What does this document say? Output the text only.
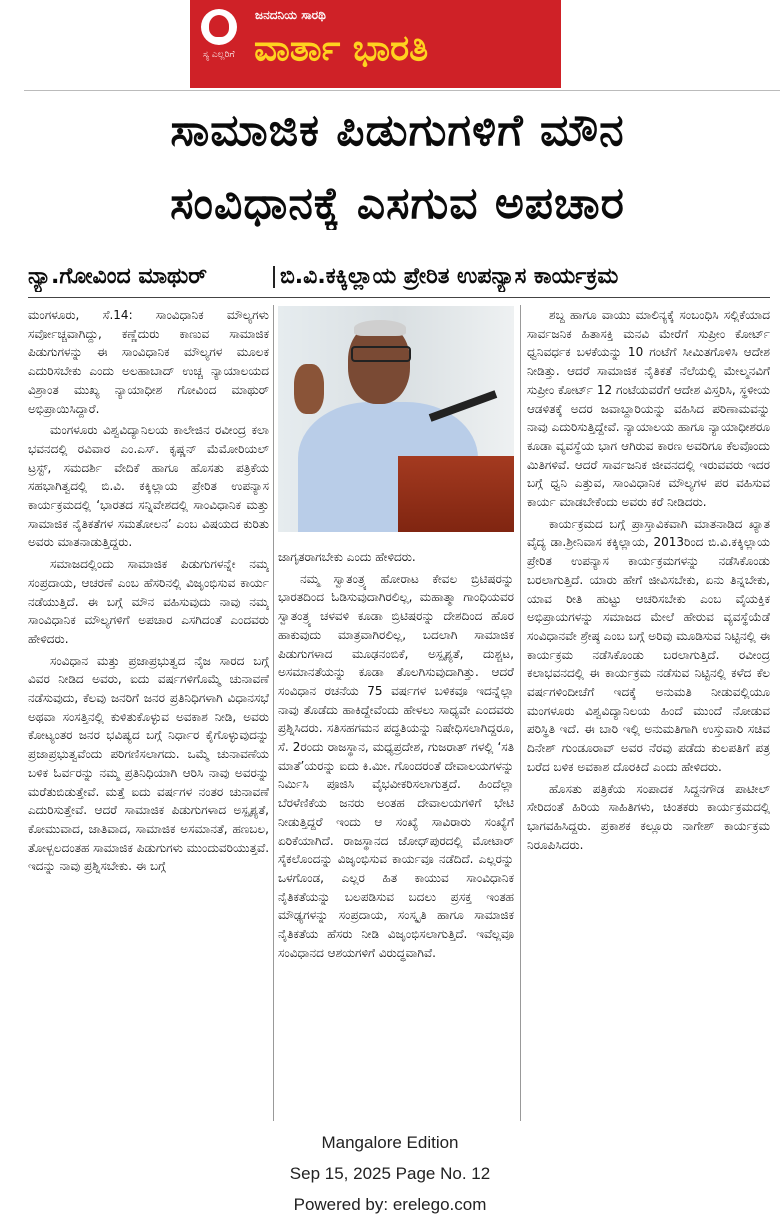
ಜನದನಿಯ ಸಾರಥಿ
ವಾರ್ತಾ ಭಾರತಿ
ಸ್ಯ ಎಲ್ಲರಿಗೆ
ಸಾಮಾಜಿಕ ಪಿಡುಗುಗಳಿಗೆ ಮೌನ
ಸಂವಿಧಾನಕ್ಕೆ ಎಸಗುವ ಅಪಚಾರ
ನ್ಯಾ.ಗೋವಿಂದ ಮಾಥುರ್	ಬಿ.ವಿ.ಕಕ್ಕಿಲ್ಲಾಯ ಪ್ರೇರಿತ ಉಪನ್ಯಾಸ ಕಾರ್ಯಕ್ರಮ

ಮಂಗಳೂರು, ಸೆ.14: ಸಾಂವಿಧಾನಿಕ ಮೌಲ್ಯಗಳು ಸರ್ವೋಚ್ಚವಾಗಿದ್ದು, ಕಣ್ಣೆದುರು ಕಾಣುವ ಸಾಮಾಜಿಕ ಪಿಡುಗುಗಳನ್ನು ಈ ಸಾಂವಿಧಾನಿಕ ಮೌಲ್ಯಗಳ ಮೂಲಕ ಎದುರಿಸಬೇಕು ಎಂದು ಅಲಹಾಬಾದ್ ಉಚ್ಚ ನ್ಯಾಯಾಲಯದ ವಿಶ್ರಾಂತ ಮುಖ್ಯ ನ್ಯಾಯಾಧೀಶ ಗೋವಿಂದ ಮಾಥುರ್ ಅಭಿಪ್ರಾಯಿಸಿದ್ದಾರೆ.

ಮಂಗಳೂರು ವಿಶ್ವವಿದ್ಯಾನಿಲಯ ಕಾಲೇಜಿನ ರವೀಂದ್ರ ಕಲಾ ಭವನದಲ್ಲಿ ರವಿವಾರ ಎಂ.ಎಸ್. ಕೃಷ್ಣನ್ ಮೆಮೋರಿಯಲ್ ಟ್ರಸ್ಟ್, ಸಮದರ್ಶಿ ವೇದಿಕೆ ಹಾಗೂ ಹೊಸತು ಪತ್ರಿಕೆಯ ಸಹಭಾಗಿತ್ವದಲ್ಲಿ ಬಿ.ವಿ. ಕಕ್ಕಿಲ್ಲಾಯ ಪ್ರೇರಿತ ಉಪನ್ಯಾಸ ಕಾರ್ಯಕ್ರಮದಲ್ಲಿ ‘ಭಾರತದ ಸನ್ನಿವೇಶದಲ್ಲಿ ಸಾಂವಿಧಾನಿಕ ಮತ್ತು ಸಾಮಾಜಿಕ ನೈತಿಕತೆಗಳ ಸಮತೋಲನ’ ಎಂಬ ವಿಷಯದ ಕುರಿತು ಅವರು ಮಾತನಾಡುತ್ತಿದ್ದರು.

ಸಮಾಜದಲ್ಲಿಂದು ಸಾಮಾಜಿಕ ಪಿಡುಗುಗಳನ್ನೇ ನಮ್ಮ ಸಂಪ್ರದಾಯ, ಆಚರಣೆ ಎಂಬ ಹೆಸರಿನಲ್ಲಿ ವಿಜೃಂಭಿಸುವ ಕಾರ್ಯ ನಡೆಯುತ್ತಿದೆ. ಈ ಬಗ್ಗೆ ಮೌನ ವಹಿಸುವುದು ನಾವು ನಮ್ಮ ಸಾಂವಿಧಾನಿಕ ಮೌಲ್ಯಗಳಿಗೆ ಅಪಚಾರ ಎಸಗಿದಂತೆ ಎಂದವರು ಹೇಳಿದರು.

ಸಂವಿಧಾನ ಮತ್ತು ಪ್ರಜಾಪ್ರಭುತ್ವದ ನೈಜ ಸಾರದ ಬಗ್ಗೆ ವಿವರ ನೀಡಿದ ಅವರು, ಐದು ವರ್ಷಗಳಿಗೊಮ್ಮೆ ಚುನಾವಣೆ ನಡೆಸುವುದು, ಕೆಲವು ಜನರಿಗೆ ಜನರ ಪ್ರತಿನಿಧಿಗಳಾಗಿ ವಿಧಾನಸಭೆ ಅಥವಾ ಸಂಸತ್ತಿನಲ್ಲಿ ಕುಳಿತುಕೊಳ್ಳುವ ಅವಕಾಶ ನೀಡಿ, ಅವರು ಕೋಟ್ಯಂತರ ಜನರ ಭವಿಷ್ಯದ ಬಗ್ಗೆ ನಿರ್ಧಾರ ಕೈಗೊಳ್ಳುವುದನ್ನು ಪ್ರಜಾಪ್ರಭುತ್ವವೆಂದು ಪರಿಗಣಿಸಲಾಗದು. ಒಮ್ಮೆ ಚುನಾವಣೆಯ ಬಳಿಕ ಓರ್ವರನ್ನು ನಮ್ಮ ಪ್ರತಿನಿಧಿಯಾಗಿ ಆರಿಸಿ ನಾವು ಅವರನ್ನು ಮರೆತುಬಿಡುತ್ತೇವೆ. ಮತ್ತೆ ಐದು ವರ್ಷಗಳ ನಂತರ ಚುನಾವಣೆ ಎದುರಿಸುತ್ತೇವೆ. ಆದರೆ ಸಾಮಾಜಿಕ ಪಿಡುಗುಗಳಾದ ಅಸ್ಪೃಶ್ಯತೆ, ಕೋಮುವಾದ, ಜಾತಿವಾದ, ಸಾಮಾಜಿಕ ಅಸಮಾನತೆ, ಹಣಬಲ, ತೋಳ್ಬಲದಂತಹ ಸಾಮಾಜಿಕ ಪಿಡುಗುಗಳು ಮುಂದುವರಿಯುತ್ತವೆ. ಇದನ್ನು ನಾವು ಪ್ರಶ್ನಿಸಬೇಕು. ಈ ಬಗ್ಗೆ

ಜಾಗೃತರಾಗಬೇಕು ಎಂದು ಹೇಳಿದರು.

ನಮ್ಮ ಸ್ವಾತಂತ್ರ್ಯ ಹೋರಾಟ ಕೇವಲ ಬ್ರಿಟಿಷರನ್ನು ಭಾರತದಿಂದ ಓಡಿಸುವುದಾಗಿರಲಿಲ್ಲ, ಮಹಾತ್ಮಾ ಗಾಂಧಿಯವರ ಸ್ವಾತಂತ್ರ್ಯ ಚಳವಳಿ ಕೂಡಾ ಬ್ರಿಟಿಷರನ್ನು ದೇಶದಿಂದ ಹೊರ ಹಾಕುವುದು ಮಾತ್ರವಾಗಿರಲಿಲ್ಲ, ಬದಲಾಗಿ ಸಾಮಾಜಿಕ ಪಿಡುಗುಗಳಾದ ಮೂಢನಂಬಿಕೆ, ಅಸ್ಪೃಶ್ಯತೆ, ದುಶ್ಚಟ, ಅಸಮಾನತೆಯನ್ನು ಕೂಡಾ ತೊಲಗಿಸುವುದಾಗಿತ್ತು. ಆದರೆ ಸಂವಿಧಾನ ರಚನೆಯ 75 ವರ್ಷಗಳ ಬಳಿಕವೂ ಇದನ್ನೆಲ್ಲಾ ನಾವು ತೊಡೆದು ಹಾಕಿದ್ದೇವೆಂದು ಹೇಳಲು ಸಾಧ್ಯವೇ ಎಂದವರು ಪ್ರಶ್ನಿಸಿದರು. ಸತಿಸಹಗಮನ ಪದ್ಧತಿಯನ್ನು ನಿಷೇಧಿಸಲಾಗಿದ್ದರೂ, ಸೆ. 2ರಂದು ರಾಜಸ್ಥಾನ, ಮಧ್ಯಪ್ರದೇಶ, ಗುಜರಾತ್ ಗಳಲ್ಲಿ ‘ಸತಿ ಮಾತೆ’ಯರನ್ನು ಐದು ಕಿ.ಮೀ. ಗೊಂದರಂತೆ ದೇವಾಲಯಗಳನ್ನು ನಿರ್ಮಿಸಿ ಪೂಜಿಸಿ ವೈಭವೀಕರಿಸಲಾಗುತ್ತದೆ. ಹಿಂದೆಲ್ಲಾ ಬೆರಳೆಣಿಕೆಯ ಜನರು ಅಂತಹ ದೇವಾಲಯಗಳಿಗೆ ಭೇಟಿ ನೀಡುತ್ತಿದ್ದರೆ ಇಂದು ಆ ಸಂಖ್ಯೆ ಸಾವಿರಾರು ಸಂಖ್ಯೆಗೆ ಏರಿಕೆಯಾಗಿದೆ. ರಾಜಸ್ಥಾನದ ಜೋಧ್‌ಪುರದಲ್ಲಿ ಮೋಟಾರ್ ಸೈಕಲೊಂದನ್ನು ವಿಜೃಂಭಿಸುವ ಕಾರ್ಯವೂ ನಡೆದಿದೆ. ಎಲ್ಲರನ್ನು ಒಳಗೊಂಡ, ಎಲ್ಲರ ಹಿತ ಕಾಯುವ ಸಾಂವಿಧಾನಿಕ ನೈತಿಕತೆಯನ್ನು ಬಲಪಡಿಸುವ ಬದಲು ಪ್ರಸಕ್ತ ಇಂತಹ ಮೌಢ್ಯಗಳನ್ನು ಸಂಪ್ರದಾಯ, ಸಂಸ್ಕೃತಿ ಹಾಗೂ ಸಾಮಾಜಿಕ ನೈತಿಕತೆಯ ಹೆಸರು ನೀಡಿ ವಿಜೃಂಭಿಸಲಾಗುತ್ತಿದೆ. ಇವೆಲ್ಲವೂ ಸಂವಿಧಾನದ ಆಶಯಗಳಿಗೆ ವಿರುದ್ಧವಾಗಿವೆ.

ಶಬ್ದ ಹಾಗೂ ವಾಯು ಮಾಲಿನ್ಯಕ್ಕೆ ಸಂಬಂಧಿಸಿ ಸಲ್ಲಿಕೆಯಾದ ಸಾರ್ವಜನಿಕ ಹಿತಾಸಕ್ತಿ ಮನವಿ ಮೇರೆಗೆ ಸುಪ್ರೀಂ ಕೋರ್ಟ್ ಧ್ವನಿವರ್ಧಕ ಬಳಕೆಯನ್ನು 10 ಗಂಟೆಗೆ ಸೀಮಿತಗೊಳಿಸಿ ಆದೇಶ ನೀಡಿತ್ತು. ಆದರೆ ಸಾಮಾಜಿಕ ನೈತಿಕತೆ ನೆಲೆಯಲ್ಲಿ ಮೇಲ್ಮನವಿಗೆ ಸುಪ್ರೀಂ ಕೋರ್ಟ್ 12 ಗಂಟೆಯವರೆಗೆ ಆದೇಶ ವಿಸ್ತರಿಸಿ, ಸ್ಥಳೀಯ ಆಡಳಿತಕ್ಕೆ ಅದರ ಜವಾಬ್ದಾರಿಯನ್ನು ವಹಿಸಿದ ಪರಿಣಾಮವನ್ನು ನಾವು ಎದುರಿಸುತ್ತಿದ್ದೇವೆ. ನ್ಯಾಯಾಲಯ ಹಾಗೂ ನ್ಯಾಯಾಧೀಶರೂ ಕೂಡಾ ವ್ಯವಸ್ಥೆಯ ಭಾಗ ಆಗಿರುವ ಕಾರಣ ಅವರಿಗೂ ಕೆಲವೊಂದು ಮಿತಿಗಳಿವೆ. ಆದರೆ ಸಾರ್ವಜನಿಕ ಜೀವನದಲ್ಲಿ ಇರುವವರು ಇದರ ಬಗ್ಗೆ ಧ್ವನಿ ಎತ್ತುವ, ಸಾಂವಿಧಾನಿಕ ಮೌಲ್ಯಗಳ ಪರ ವಹಿಸುವ ಕಾರ್ಯ ಮಾಡಬೇಕೆಂದು ಅವರು ಕರೆ ನೀಡಿದರು.

ಕಾರ್ಯಕ್ರಮದ ಬಗ್ಗೆ ಪ್ರಾಸ್ತಾವಿಕವಾಗಿ ಮಾತನಾಡಿದ ಖ್ಯಾತ ವೈದ್ಯ ಡಾ.ಶ್ರೀನಿವಾಸ ಕಕ್ಕಿಲ್ಲಾಯ, 2013ರಿಂದ ಬಿ.ವಿ.ಕಕ್ಕಿಲ್ಲಾಯ ಪ್ರೇರಿತ ಉಪನ್ಯಾಸ ಕಾರ್ಯಕ್ರಮಗಳನ್ನು ನಡೆಸಿಕೊಂಡು ಬರಲಾಗುತ್ತಿದೆ. ಯಾರು ಹೇಗೆ ಜೀವಿಸಬೇಕು, ಏನು ತಿನ್ನಬೇಕು, ಯಾವ ರೀತಿ ಹುಟ್ಟು ಆಚರಿಸಬೇಕು ಎಂಬ ವೈಯಕ್ತಿಕ ಅಭಿಪ್ರಾಯಗಳನ್ನು ಸಮಾಜದ ಮೇಲೆ ಹೇರುವ ವ್ಯವಸ್ಥೆಯೆಡೆ ಸಂವಿಧಾನವೇ ಶ್ರೇಷ್ಠ ಎಂಬ ಬಗ್ಗೆ ಅರಿವು ಮೂಡಿಸುವ ನಿಟ್ಟಿನಲ್ಲಿ ಈ ಕಾರ್ಯಕ್ರಮ ನಡೆಸಿಕೊಂಡು ಬರಲಾಗುತ್ತಿದೆ. ರವೀಂದ್ರ ಕಲಾಭವನದಲ್ಲಿ ಈ ಕಾರ್ಯಕ್ರಮ ನಡೆಸುವ ನಿಟ್ಟಿನಲ್ಲಿ ಕಳೆದ ಕೆಲ ವರ್ಷಗಳಿಂದೀಚೆಗೆ ಇದಕ್ಕೆ ಅನುಮತಿ ನೀಡುವಲ್ಲಿಯೂ ಮಂಗಳೂರು ವಿಶ್ವವಿದ್ಯಾನಿಲಯ ಹಿಂದೆ ಮುಂದೆ ನೋಡುವ ಪರಿಸ್ಥಿತಿ ಇದೆ. ಈ ಬಾರಿ ಇಲ್ಲಿ ಅನುಮತಿಗಾಗಿ ಉಸ್ತುವಾರಿ ಸಚಿವ ದಿನೇಶ್ ಗುಂಡೂರಾವ್ ಅವರ ನೆರವು ಪಡೆದು ಕುಲಪತಿಗೆ ಪತ್ರ ಬರೆದ ಬಳಿಕ ಅವಕಾಶ ದೊರಕಿದೆ ಎಂದು ಹೇಳಿದರು.

ಹೊಸತು ಪತ್ರಿಕೆಯ ಸಂಪಾದಕ ಸಿದ್ದನಗೌಡ ಪಾಟೀಲ್ ಸೇರಿದಂತೆ ಹಿರಿಯ ಸಾಹಿತಿಗಳು, ಚಿಂತಕರು ಕಾರ್ಯಕ್ರಮದಲ್ಲಿ ಭಾಗವಹಿಸಿದ್ದರು. ಪ್ರಕಾಶಕ ಕಲ್ಲೂರು ನಾಗೇಶ್ ಕಾರ್ಯಕ್ರಮ ನಿರೂಪಿಸಿದರು.

Mangalore Edition
Sep 15, 2025 Page No. 12
Powered by: erelego.com
